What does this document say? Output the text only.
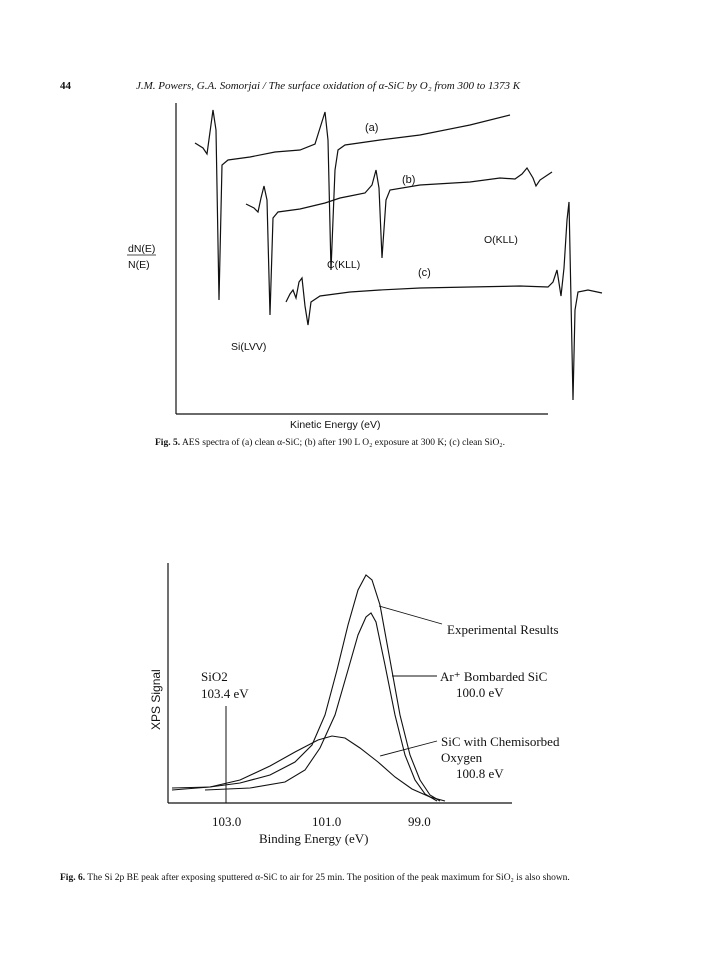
44	J.M. Powers, G.A. Somorjai / The surface oxidation of α-SiC by O₂ from 300 to 1373 K
dN(E)
N(E)
(a)
(b)
(c)
Si(LVV)
C(KLL)
O(KLL)
Kinetic Energy (eV)
Fig. 5. AES spectra of (a) clean α-SiC; (b) after 190 L O₂ exposure at 300 K; (c) clean SiO₂.
XPS Signal
Experimental Results
Ar⁺ Bombarded SiC
100.0 eV
SiC with Chemisorbed
Oxygen
100.8 eV
SiO2
103.4 eV
103.0	101.0	99.0
Binding Energy (eV)
Fig. 6. The Si 2p BE peak after exposing sputtered α-SiC to air for 25 min. The position of the peak maximum for SiO₂ is also shown.
